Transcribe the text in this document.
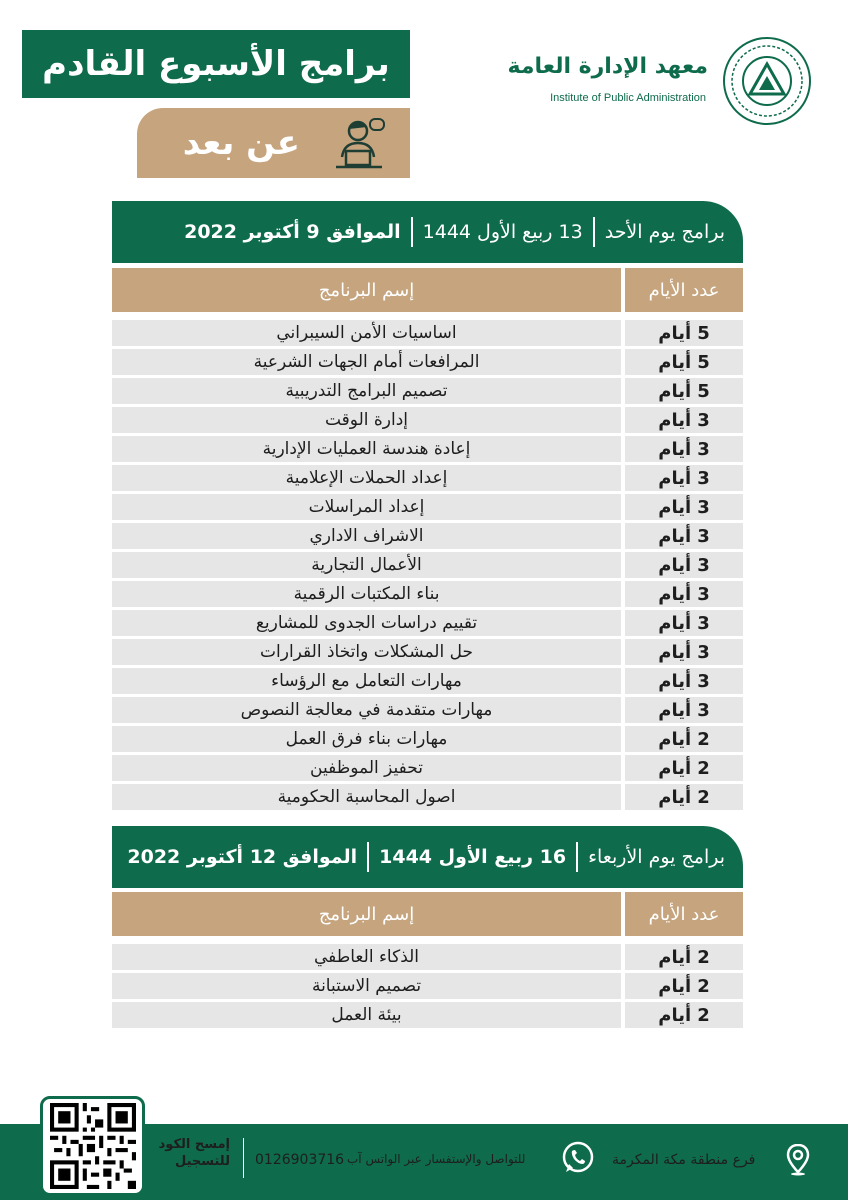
برامج الأسبوع القادم
عن بعد
معهد الإدارة العامة
Institute of Public Administration
برامج يوم الأحد
13 ربيع الأول 1444
الموافق 9 أكتوبر 2022
عدد الأيام
إسم البرنامج
5
أيام
اساسيات الأمن السيبراني
5
أيام
المرافعات أمام الجهات الشرعية
5
أيام
تصميم البرامج التدريبية
3
أيام
إدارة الوقت
3
أيام
إعادة هندسة العمليات الإدارية
3
أيام
إعداد الحملات الإعلامية
3
أيام
إعداد المراسلات
3
أيام
الاشراف الاداري
3
أيام
الأعمال التجارية
3
أيام
بناء المكتبات الرقمية
3
أيام
تقييم دراسات الجدوى للمشاريع
3
أيام
حل المشكلات واتخاذ القرارات
3
أيام
مهارات التعامل مع الرؤساء
3
أيام
مهارات متقدمة في معالجة النصوص
2
أيام
مهارات بناء فرق العمل
2
أيام
تحفيز الموظفين
2
أيام
اصول المحاسبة الحكومية
برامج يوم الأربعاء
16 ربيع الأول 1444
الموافق 12 أكتوبر 2022
عدد الأيام
إسم البرنامج
2
أيام
الذكاء العاطفي
2
أيام
تصميم الاستبانة
2
أيام
بيئة العمل
إمسح الكود
للتسجيل 0126903716 للتواصل والإستفسار عبر الواتس آب	فرع منطقة مكة المكرمة
